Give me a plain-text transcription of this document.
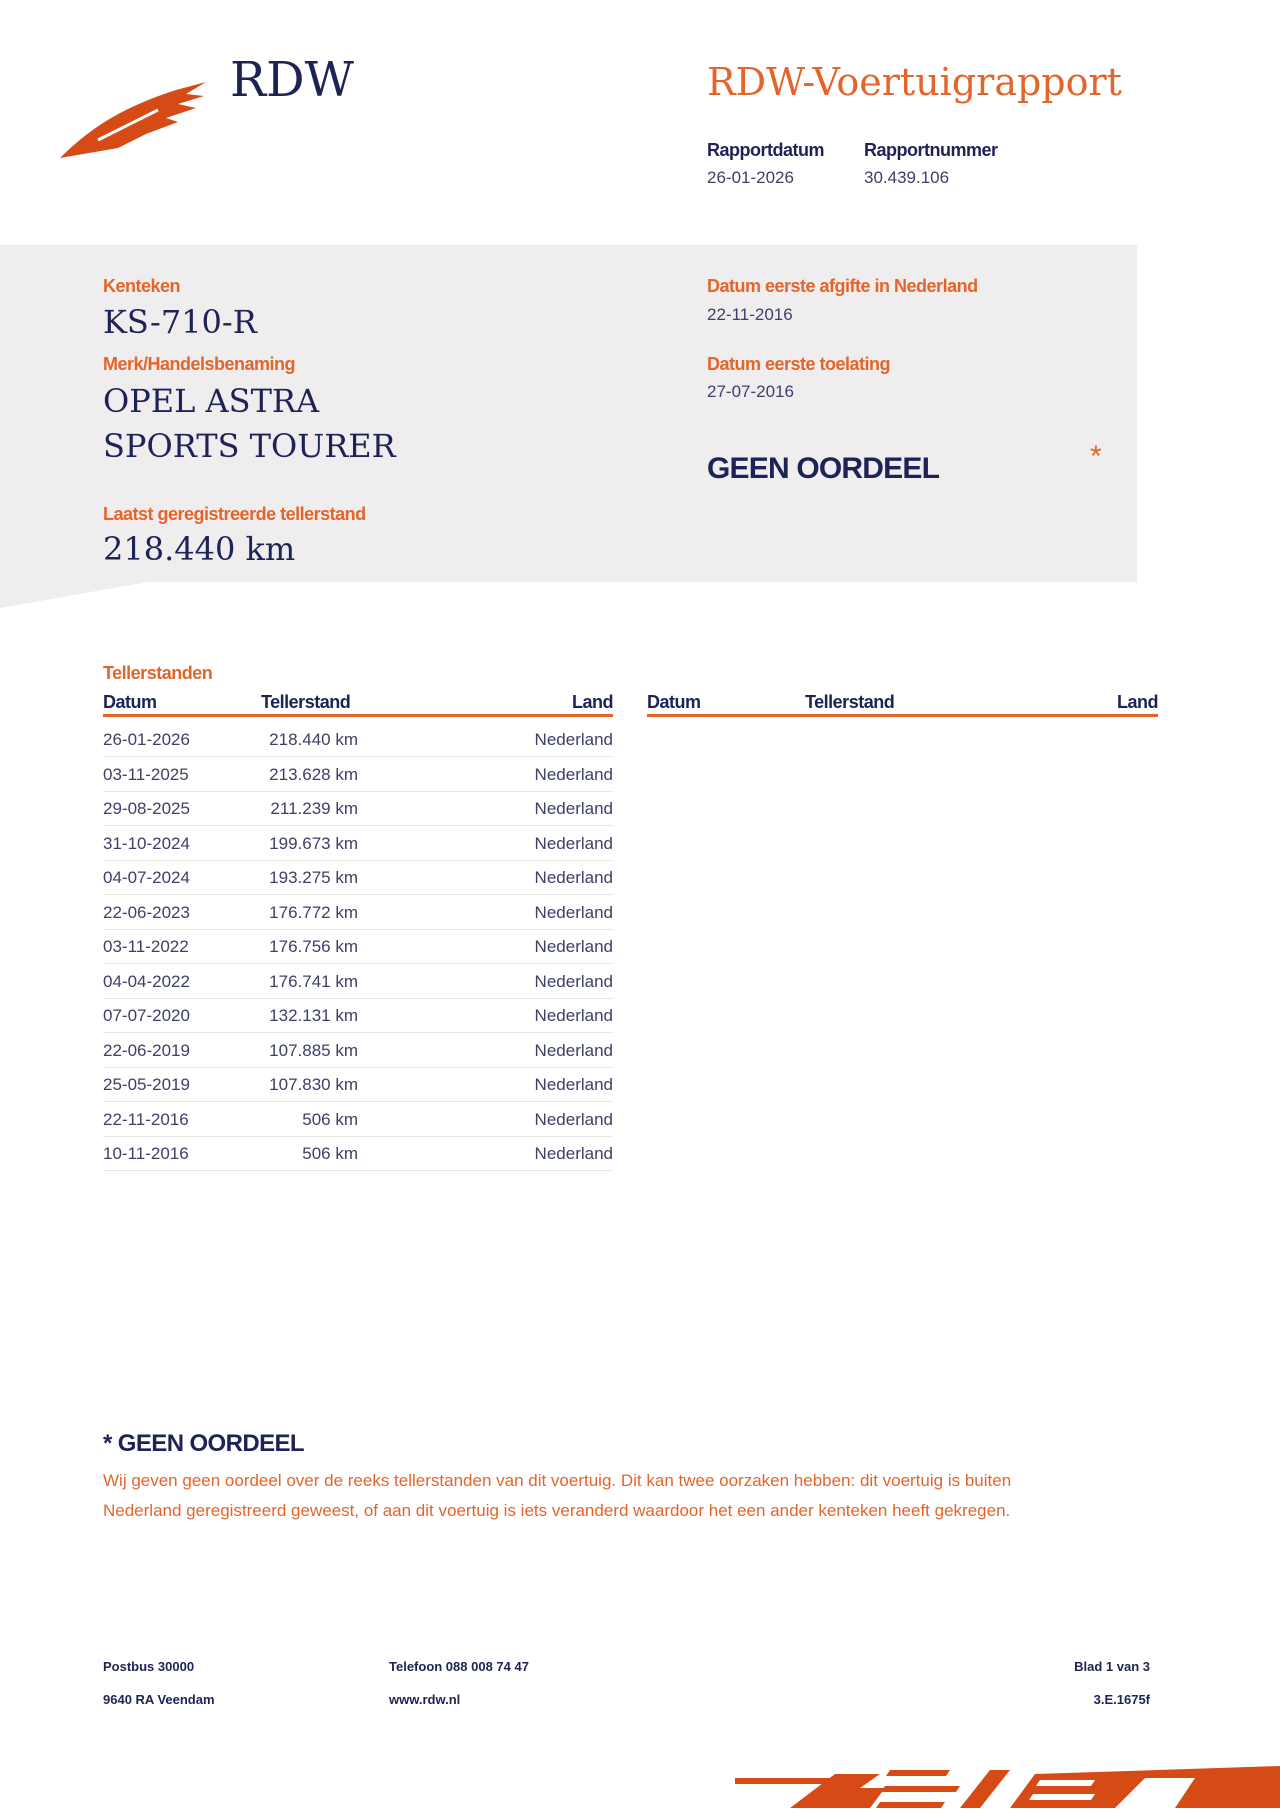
RDW	RDW-Voertuigrapport
Rapportdatum
26-01-2026
Rapportnummer
30.439.106
Kenteken
KS-710-R
Merk/Handelsbenaming
OPEL ASTRA
SPORTS TOURER
Laatst geregistreerde tellerstand
218.440 km
Datum eerste afgifte in Nederland
22-11-2016
Datum eerste toelating
27-07-2016
GEEN OORDEEL	*
Tellerstanden
Datum	Tellerstand	Land Datum	Tellerstand	Land
26-01-2026	218.440 km	Nederland
03-11-2025	213.628 km	Nederland
29-08-2025	211.239 km	Nederland
31-10-2024	199.673 km	Nederland
04-07-2024	193.275 km	Nederland
22-06-2023	176.772 km	Nederland
03-11-2022	176.756 km	Nederland
04-04-2022	176.741 km	Nederland
07-07-2020	132.131 km	Nederland
22-06-2019	107.885 km	Nederland
25-05-2019	107.830 km	Nederland
22-11-2016	506 km	Nederland
10-11-2016	506 km	Nederland
* GEEN OORDEEL
Wij geven geen oordeel over de reeks tellerstanden van dit voertuig. Dit kan twee oorzaken hebben: dit voertuig is buiten Nederland geregistreerd geweest, of aan dit voertuig is iets veranderd waardoor het een ander kenteken heeft gekregen.
Postbus 30000
9640 RA Veendam
Telefoon 088 008 74 47
www.rdw.nl
Blad 1 van 3
3.E.1675f
